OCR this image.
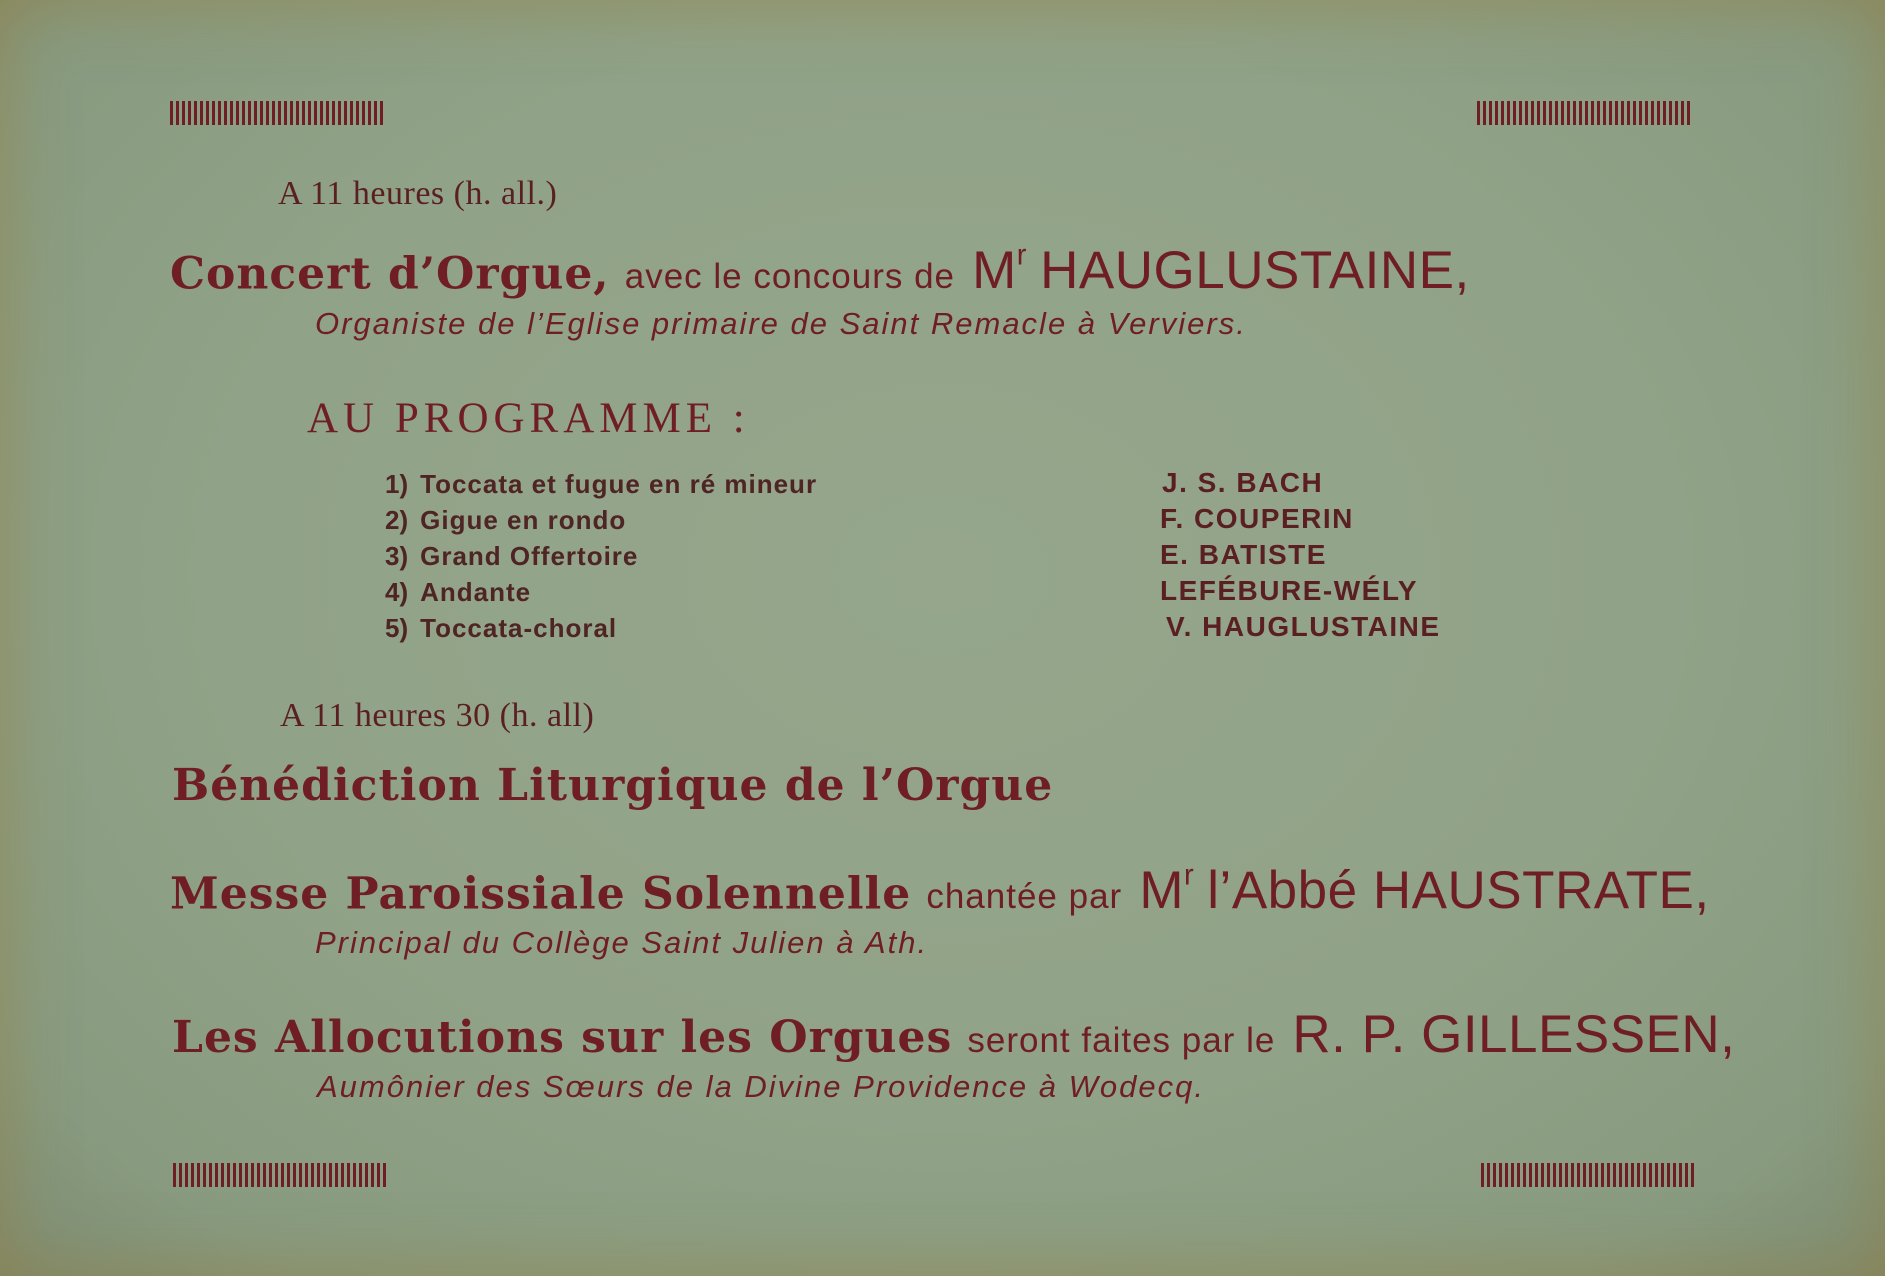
A 11 heures (h. all.)
Concert d’Orgue, avec le concours de $M^r$ HAUGLUSTAINE,
Organiste de l’Eglise primaire de Saint Remacle à Verviers.
AU PROGRAMME :
1) Toccata et fugue en ré mineur
2) Gigue en rondo
3) Grand Offertoire
4) Andante
5) Toccata-choral
J. S. BACH
F. COUPERIN
E. BATISTE
LEFÉBURE-WÉLY
V. HAUGLUSTAINE
A 11 heures 30 (h. all)
Bénédiction Liturgique de l’Orgue
Messe Paroissiale Solennelle chantée par $M^r$ l’Abbé HAUSTRATE,
Principal du Collège Saint Julien à Ath.
Les Allocutions sur les Orgues seront faites par le R. P. GILLESSEN,
Aumônier des Sœurs de la Divine Providence à Wodecq.
